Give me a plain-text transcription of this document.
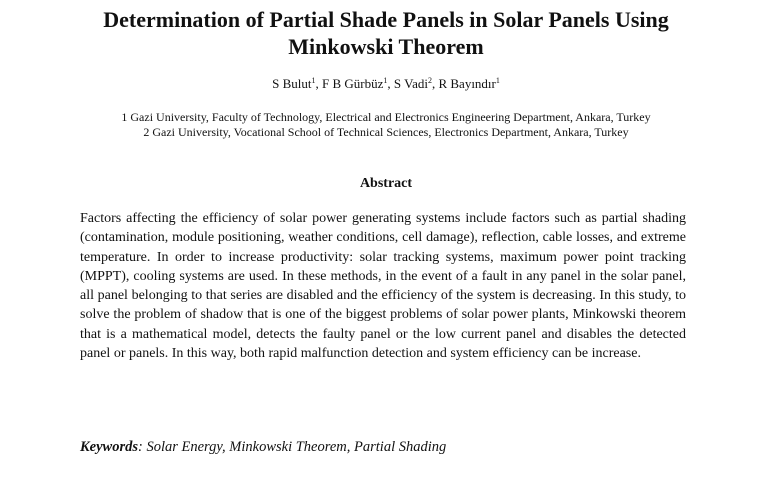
Determination of Partial Shade Panels in Solar Panels Using Minkowski Theorem
S Bulut$^1$, F B Gürbüz$^1$, S Vadi$^2$, R Bayındır$^1$
1 Gazi University, Faculty of Technology, Electrical and Electronics Engineering Department, Ankara, Turkey
2 Gazi University, Vocational School of Technical Sciences, Electronics Department, Ankara, Turkey
Abstract

Factors affecting the efficiency of solar power generating systems include factors such as partial shading (contamination, module positioning, weather conditions, cell damage), reflection, cable losses, and extreme temperature. In order to increase productivity: solar tracking systems, maximum power point tracking (MPPT), cooling systems are used. In these methods, in the event of a fault in any panel in the solar panel, all panel belonging to that series are disabled and the efficiency of the system is decreasing. In this study, to solve the problem of shadow that is one of the biggest problems of solar power plants, Minkowski theorem that is a mathematical model, detects the faulty panel or the low current panel and disables the detected panel or panels. In this way, both rapid malfunction detection and system efficiency can be increase.

Keywords: Solar Energy, Minkowski Theorem, Partial Shading
